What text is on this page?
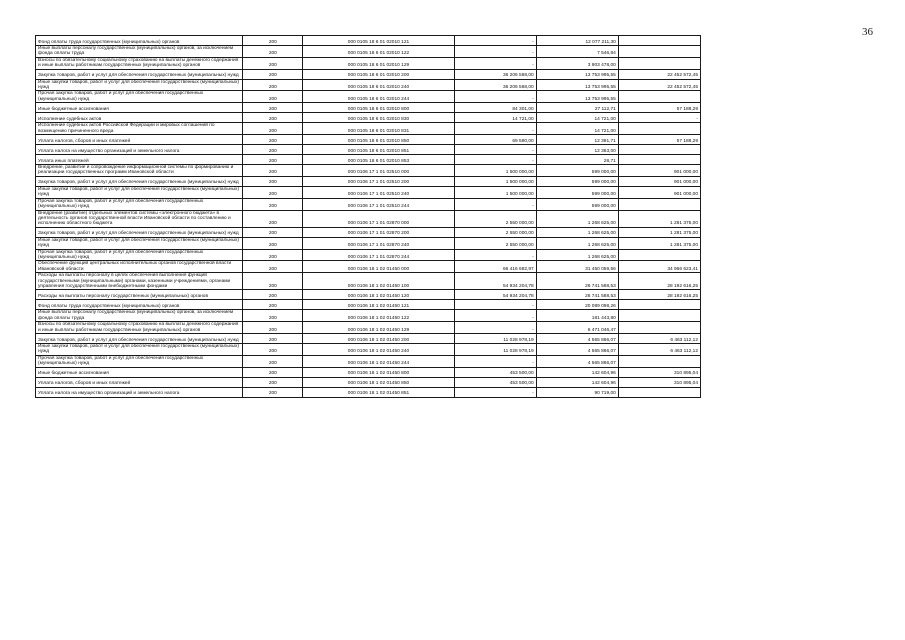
36
Фонд оплаты труда государственных (муниципальных) органов	200	000 0105 18 6 01 02010 121	-	12 077 211,30	
Иные выплаты персоналу государственных (муниципальных) органов, за исключением фонда оплаты труда	200	000 0105 18 6 01 02010 122	-	7 546,84	
Взносы по обязательному социальному страхованию на выплаты денежного содержания и иные выплаты работникам государственных (муниципальных) органов	200	000 0105 18 6 01 02010 129	-	3 903 478,00	
Закупка товаров, работ и услуг для обеспечения государственных (муниципальных) нужд	200	000 0105 18 6 01 02010 200	36 206 568,00	13 753 995,55	22 452 572,45
Иные закупки товаров, работ и услуг для обеспечения государственных (муниципальных) нужд	200	000 0105 18 6 01 02010 240	36 206 568,00	13 753 995,55	22 452 572,45
Прочая закупка товаров, работ и услуг для обеспечения государственных (муниципальных) нужд	200	000 0105 18 6 01 02010 244	-	13 753 995,55	
Иные бюджетные ассигнования	200	000 0105 18 6 01 02010 800	84 301,00	27 112,71	57 188,29
Исполнение судебных актов	200	000 0105 18 6 01 02010 830	14 721,00	14 721,00	-
Исполнение судебных актов Российской Федерации и мировых соглашений по возмещению причиненного вреда	200	000 0105 18 6 01 02010 831	-	14 721,00	
Уплата налогов, сборов и иных платежей	200	000 0105 18 6 01 02010 850	69 580,00	12 391,71	57 188,29
Уплата налога на имущество организаций и земельного налога	200	000 0105 18 6 01 02010 851	-	12 363,00	
Уплата иных платежей	200	000 0105 18 6 01 02010 853	-	28,71	
Внедрение, развитие и сопровождение информационной системы по формированию и реализации государственных программ Ивановской области	200	000 0106 17 1 01 02510 000	1 500 000,00	599 000,00	901 000,00
Закупка товаров, работ и услуг для обеспечения государственных (муниципальных) нужд	200	000 0106 17 1 01 02510 200	1 500 000,00	599 000,00	901 000,00
Иные закупки товаров, работ и услуг для обеспечения государственных (муниципальных) нужд	200	000 0106 17 1 01 02510 240	1 500 000,00	599 000,00	901 000,00
Прочая закупка товаров, работ и услуг для обеспечения государственных (муниципальных) нужд	200	000 0106 17 1 01 02510 244	-	599 000,00	
Внедрение (развитие) отдельных элементов системы «электронного бюджета» в деятельность органов государственной власти Ивановской области по составлению и исполнению областного бюджета	200	000 0106 17 1 01 02870 000	2 550 000,00	1 268 625,00	1 281 375,00
Закупка товаров, работ и услуг для обеспечения государственных (муниципальных) нужд	200	000 0106 17 1 01 02870 200	2 550 000,00	1 268 625,00	1 281 375,00
Иные закупки товаров, работ и услуг для обеспечения государственных (муниципальных) нужд	200	000 0106 17 1 01 02870 240	2 550 000,00	1 268 625,00	1 281 375,00
Прочая закупка товаров, работ и услуг для обеспечения государственных (муниципальных) нужд	200	000 0106 17 1 01 02870 244	-	1 268 625,00	
Обеспечение функций центральных исполнительных органов государственной власти Ивановской области	200	000 0106 18 1 02 01450 000	66 416 682,97	31 450 059,56	34 966 623,41
Расходы на выплаты персоналу в целях обеспечения выполнения функций государственными (муниципальными) органами, казенными учреждениями, органами управления государственными внебюджетными фондами	200	000 0106 18 1 02 01450 100	54 934 204,78	26 741 588,53	28 192 616,25
Расходы на выплаты персоналу государственных (муниципальных) органов	200	000 0106 18 1 02 01450 120	54 934 204,78	26 741 588,53	28 192 616,25
Фонд оплаты труда государственных (муниципальных) органов	200	000 0106 18 1 02 01450 121	-	20 089 098,26	
Иные выплаты персоналу государственных (муниципальных) органов, за исключением фонда оплаты труда	200	000 0106 18 1 02 01450 122	-	181 443,80	
Взносы по обязательному социальному страхованию на выплаты денежного содержания и иные выплаты работникам государственных (муниципальных) органов	200	000 0106 18 1 02 01450 129	-	6 471 046,47	
Закупка товаров, работ и услуг для обеспечения государственных (муниципальных) нужд	200	000 0106 18 1 02 01450 200	11 028 978,19	4 565 866,07	6 463 112,12
Иные закупки товаров, работ и услуг для обеспечения государственных (муниципальных) нужд	200	000 0106 18 1 02 01450 240	11 028 978,19	4 565 866,07	6 463 112,12
Прочая закупка товаров, работ и услуг для обеспечения государственных (муниципальных) нужд	200	000 0106 18 1 02 01450 244	-	4 565 866,07	
Иные бюджетные ассигнования	200	000 0106 18 1 02 01450 800	453 500,00	142 604,96	310 895,04
Уплата налогов, сборов и иных платежей	200	000 0106 18 1 02 01450 850	453 500,00	142 604,96	310 895,04
Уплата налога на имущество организаций и земельного налога	200	000 0106 18 1 02 01450 851	-	90 719,00	
